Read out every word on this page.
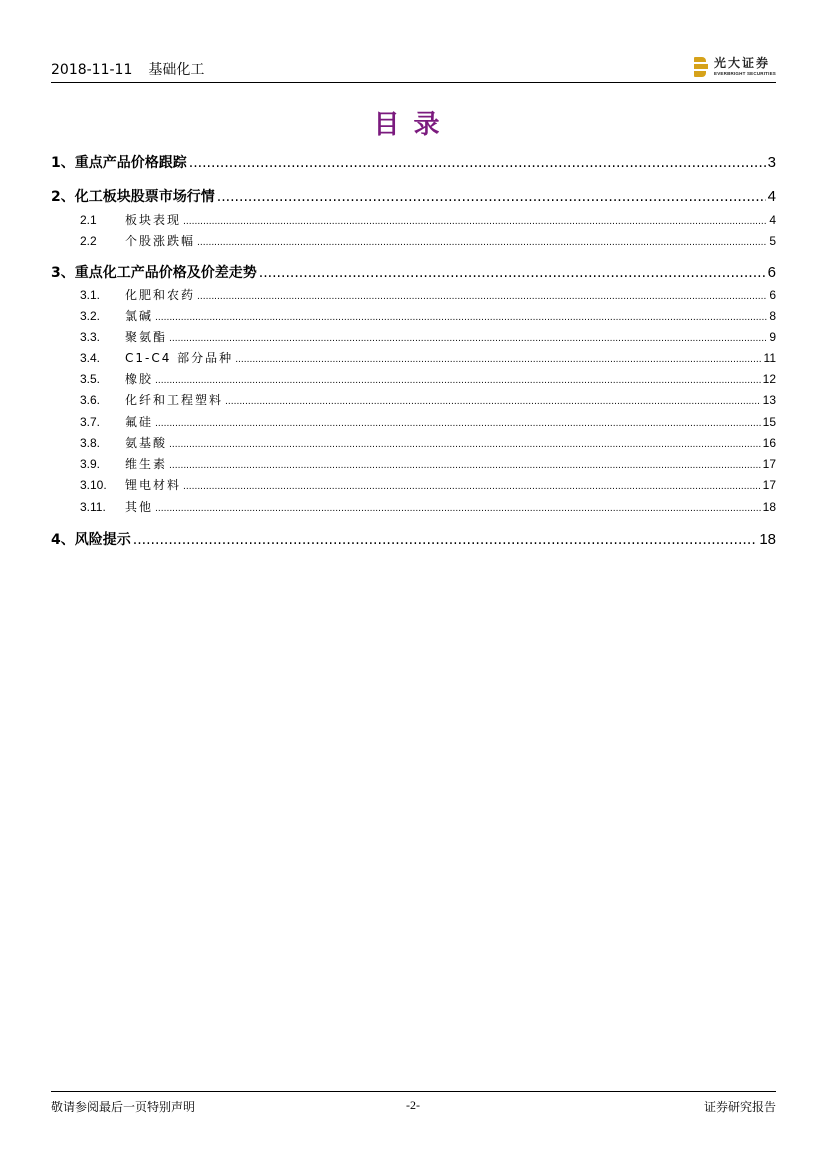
2018-11-11 基础化工	光大证券
EVERBRIGHT SECURITIES
目录
1、重点产品价格跟踪 .....	3
2、化工板块股票市场行情 .....	4
2.1 板块表现 .....	4
2.2 个股涨跌幅 .....	5
3、重点化工产品价格及价差走势 .....	6
3.1. 化肥和农药 .....	6
3.2. 氯碱 .....	8
3.3. 聚氨酯 .....	9
3.4. C1-C4 部分品种 .....	11
3.5. 橡胶 .....	12
3.6. 化纤和工程塑料 .....	13
3.7. 氟硅 .....	15
3.8. 氨基酸 .....	16
3.9. 维生素 .....	17
3.10. 锂电材料 .....	17
3.11. 其他 .....	18
4、风险提示 .....	18
敬请参阅最后一页特别声明	-2-	证券研究报告
